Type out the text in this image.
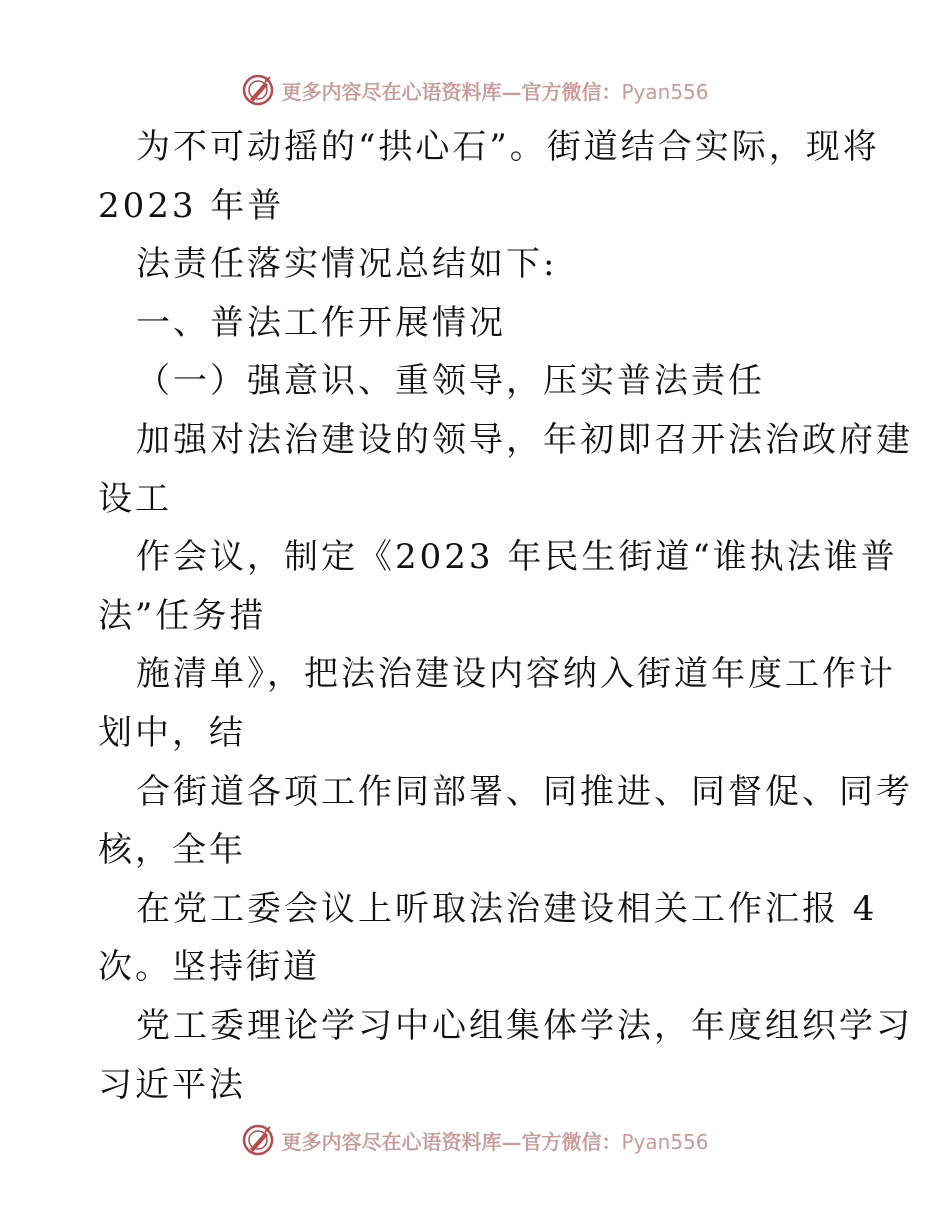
更多内容尽在心语资料库—官方微信：Pyan556
为不可动摇的“拱心石”。街道结合实际，现将
2023 年普
法责任落实情况总结如下:
一、普法工作开展情况
（一）强意识、重领导，压实普法责任
加强对法治建设的领导，年初即召开法治政府建
设工
作会议，制定《2023 年民生街道“谁执法谁普
法”任务措
施清单》，把法治建设内容纳入街道年度工作计
划中，结
合街道各项工作同部署、同推进、同督促、同考
核，全年
在党工委会议上听取法治建设相关工作汇报 4
次。坚持街道
党工委理论学习中心组集体学法，年度组织学习
习近平法
更多内容尽在心语资料库—官方微信：Pyan556
